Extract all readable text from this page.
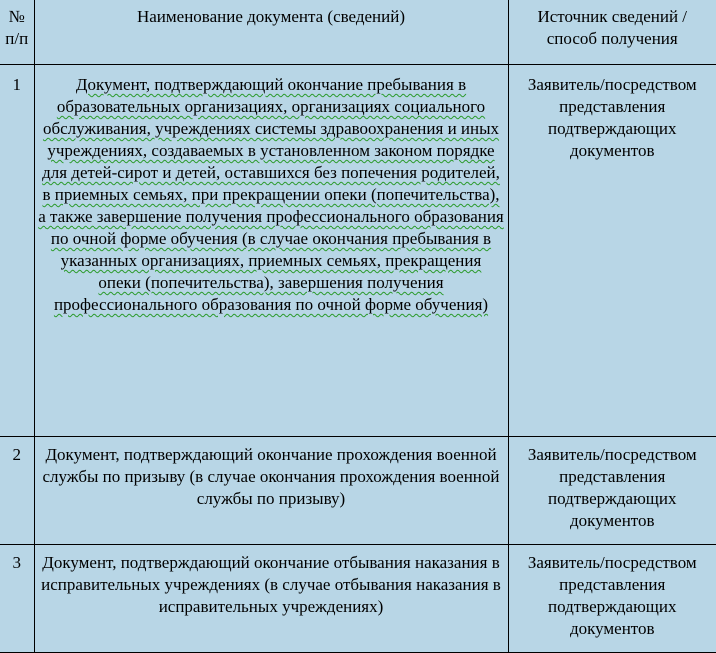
№ п/п	Наименование документа (сведений)	Источник сведений / способ получения
1	Документ, подтверждающий окончание пребывания в образовательных организациях, организациях социального обслуживания, учреждениях системы здравоохранения и иных учреждениях, создаваемых в установленном законом порядке для детей-сирот и детей, оставшихся без попечения родителей, в приемных семьях, при прекращении опеки (попечительства), а также завершение получения профессионального образования по очной форме обучения (в случае окончания пребывания в указанных организациях, приемных семьях, прекращения опеки (попечительства), завершения получения профессионального образования по очной форме обучения)	Заявитель/посредством представления подтверждающих документов
2	Документ, подтверждающий окончание прохождения военной службы по призыву (в случае окончания прохождения военной службы по призыву)	Заявитель/посредством представления подтверждающих документов
3	Документ, подтверждающий окончание отбывания наказания в исправительных учреждениях (в случае отбывания наказания в исправительных учреждениях)	Заявитель/посредством представления подтверждающих документов
